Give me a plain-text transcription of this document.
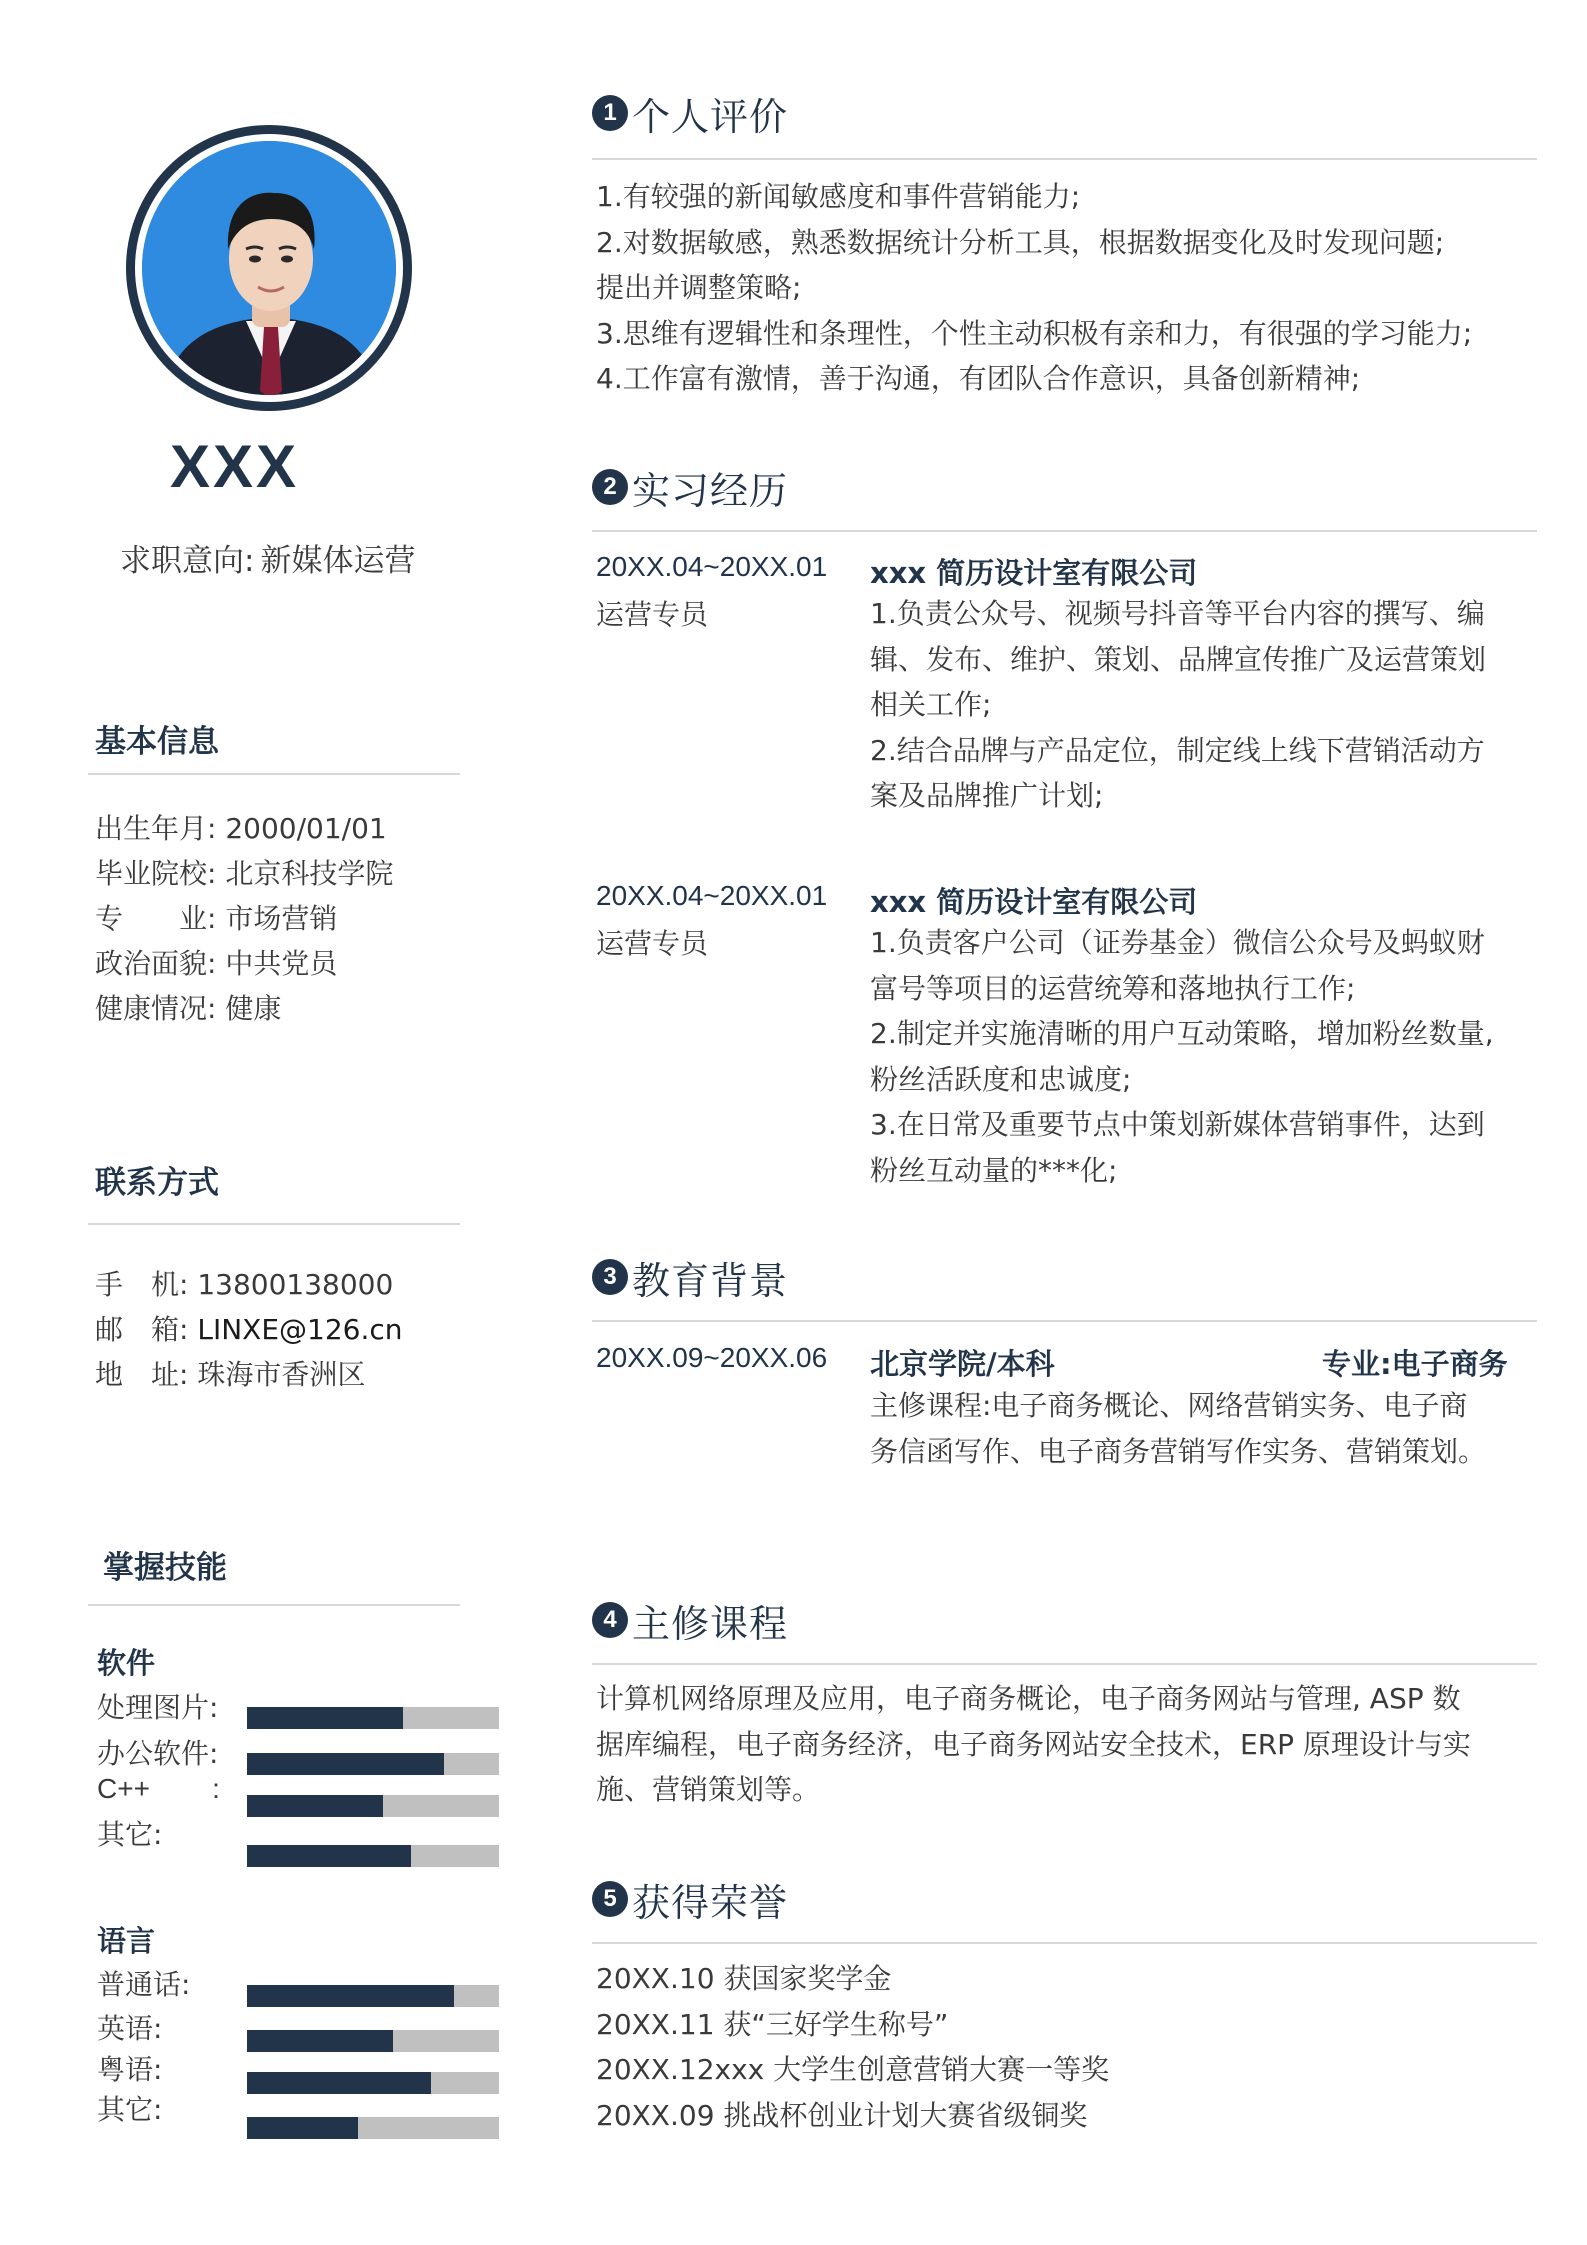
XXX
求职意向: 新媒体运营
基本信息
出生年月: 2000/01/01
毕业院校: 北京科技学院
专　　业: 市场营销
政治面貌: 中共党员
健康情况: 健康
联系方式
手　机: 13800138000
邮　箱: LINXE@126.cn
地　址: 珠海市香洲区
掌握技能
软件
处理图片:
办公软件:
C++        :
其它:
语言
普通话:
英语:
粤语:
其它:
1 个人评价
1.有较强的新闻敏感度和事件营销能力;
2.对数据敏感，熟悉数据统计分析工具，根据数据变化及时发现问题;
提出并调整策略;
3.思维有逻辑性和条理性，个性主动积极有亲和力，有很强的学习能力;
4.工作富有激情，善于沟通，有团队合作意识，具备创新精神;
2 实习经历
20XX.04~20XX.01
运营专员
xxx 简历设计室有限公司
1.负责公众号、视频号抖音等平台内容的撰写、编
辑、发布、维护、策划、品牌宣传推广及运营策划
相关工作;
2.结合品牌与产品定位，制定线上线下营销活动方
案及品牌推广计划;
20XX.04~20XX.01
运营专员
xxx 简历设计室有限公司
1.负责客户公司（证券基金）微信公众号及蚂蚁财
富号等项目的运营统筹和落地执行工作;
2.制定并实施清晰的用户互动策略，增加粉丝数量,
粉丝活跃度和忠诚度;
3.在日常及重要节点中策划新媒体营销事件，达到
粉丝互动量的***化;
3 教育背景
20XX.09~20XX.06 北京学院/本科	专业:电子商务
主修课程:电子商务概论、网络营销实务、电子商
务信函写作、电子商务营销写作实务、营销策划。
4 主修课程
计算机网络原理及应用，电子商务概论，电子商务网站与管理, ASP 数
据库编程，电子商务经济，电子商务网站安全技术，ERP 原理设计与实
施、营销策划等。
5 获得荣誉
20XX.10 获国家奖学金
20XX.11 获“三好学生称号”
20XX.12xxx 大学生创意营销大赛一等奖
20XX.09 挑战杯创业计划大赛省级铜奖
